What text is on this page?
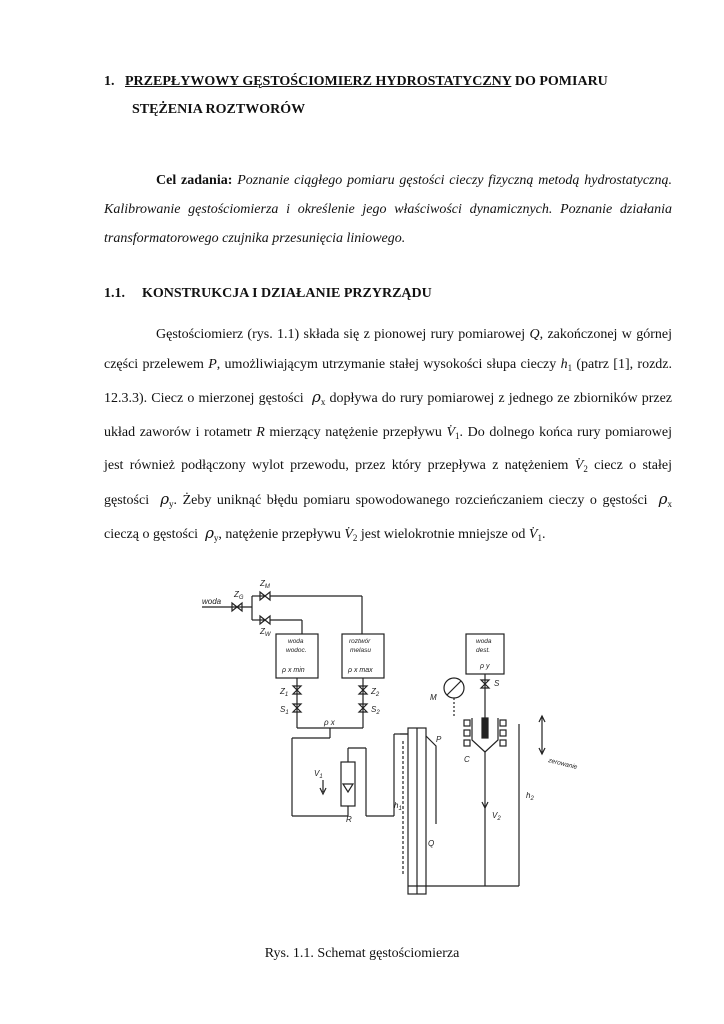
1. PRZEPŁYWOWY GĘSTOŚCIOMIERZ HYDROSTATYCZNY DO POMIARU
STĘŻENIA ROZTWORÓW
Cel zadania: Poznanie ciągłego pomiaru gęstości cieczy fizyczną metodą hydrostatyczną. Kalibrowanie gęstościomierza i określenie jego właściwości dynamicznych. Poznanie działania transformatorowego czujnika przesunięcia liniowego.
1.1. KONSTRUKCJA I DZIAŁANIE PRZYRZĄDU
Gęstościomierz (rys. 1.1) składa się z pionowej rury pomiarowej Q, zakończonej w górnej części przelewem P, umożliwiającym utrzymanie stałej wysokości słupa cieczy $h_1$ (patrz [1], rozdz. 12.3.3). Ciecz o mierzonej gęstości  $\rho_x$ dopływa do rury pomiarowej z jednego ze zbiorników przez układ zaworów i rotametr R mierzący natężenie przepływu ˙ $V_1$. Do dolnego końca rury pomiarowej jest również podłączony wylot przewodu, przez który przepływa z natężeniem ˙ $V_2$ ciecz o stałej gęstości  $\rho_y$. Żeby uniknąć błędu pomiaru spowodowanego rozcieńczaniem cieczy o gęstości  $\rho_x$ cieczą o gęstości  $\rho_y$, natężenie przepływu ˙ $V_2$ jest wielokrotnie mniejsze od ˙ $V_1$.
woda
$Z_G$
$Z_M$
$Z_W$
woda
wodoc.
ρ x min
roztwór
melasu
ρ x max
woda
dest.
ρ y
$Z_1$
$S_1$
$Z_2$
$S_2$
ρ x
$V_1$
R
P
Q
$h_1$
S
M
C
$V_2$
$h_2$
zerowanie
Rys. 1.1. Schemat gęstościomierza
